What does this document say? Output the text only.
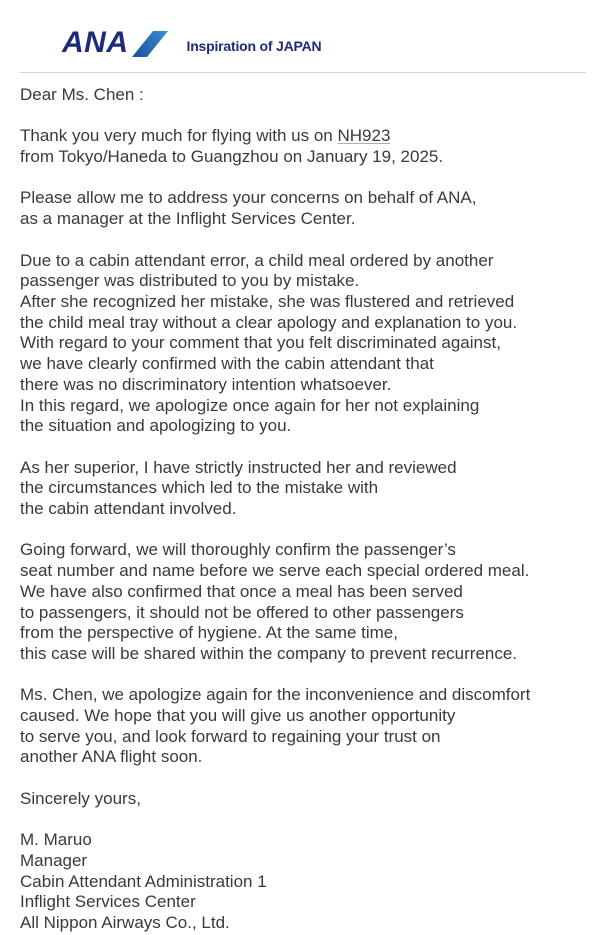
ANA	Inspiration of JAPAN

Dear Ms. Chen :

Thank you very much for flying with us on NH923
from Tokyo/Haneda to Guangzhou on January 19, 2025.

Please allow me to address your concerns on behalf of ANA,
as a manager at the Inflight Services Center.

Due to a cabin attendant error, a child meal ordered by another
passenger was distributed to you by mistake.
After she recognized her mistake, she was flustered and retrieved
the child meal tray without a clear apology and explanation to you.
With regard to your comment that you felt discriminated against,
we have clearly confirmed with the cabin attendant that
there was no discriminatory intention whatsoever.
In this regard, we apologize once again for her not explaining
the situation and apologizing to you.

As her superior, I have strictly instructed her and reviewed
the circumstances which led to the mistake with
the cabin attendant involved.

Going forward, we will thoroughly confirm the passenger’s
seat number and name before we serve each special ordered meal.
We have also confirmed that once a meal has been served
to passengers, it should not be offered to other passengers
from the perspective of hygiene. At the same time,
this case will be shared within the company to prevent recurrence.

Ms. Chen, we apologize again for the inconvenience and discomfort
caused. We hope that you will give us another opportunity
to serve you, and look forward to regaining your trust on
another ANA flight soon.

Sincerely yours,

M. Maruo
Manager
Cabin Attendant Administration 1
Inflight Services Center
All Nippon Airways Co., Ltd.
